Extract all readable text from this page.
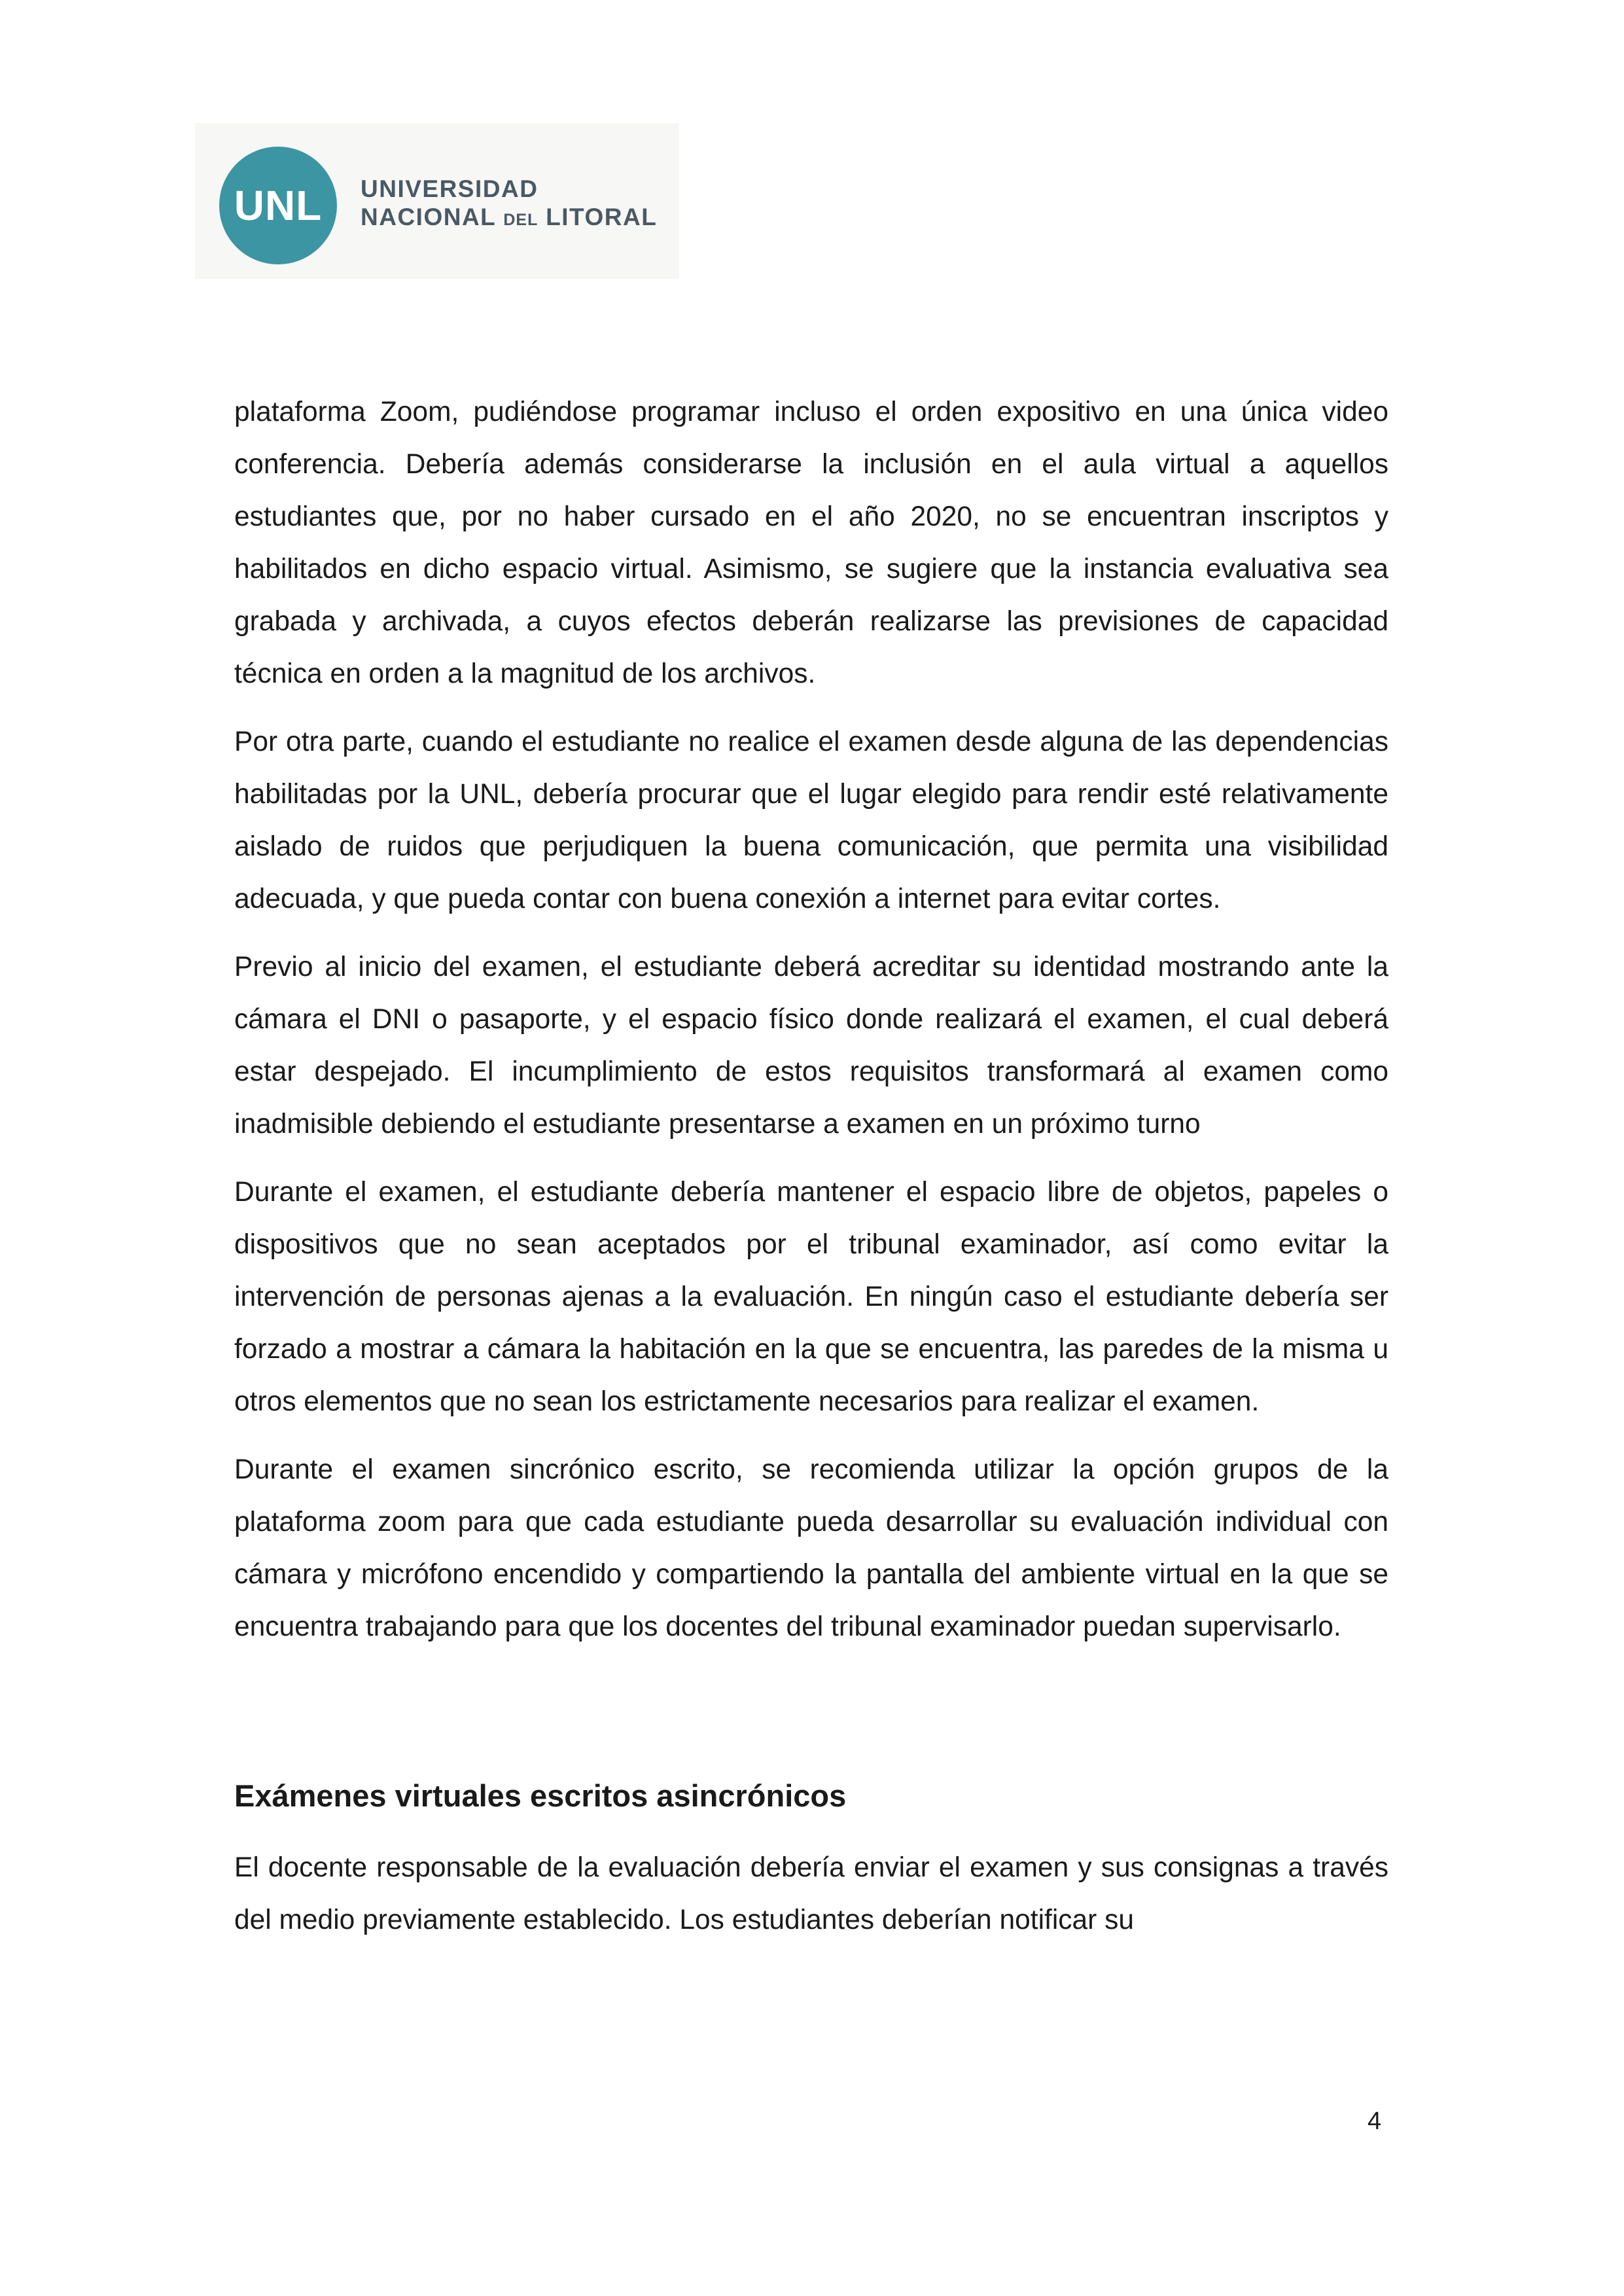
UNL	UNIVERSIDAD
NACIONAL DEL LITORAL

plataforma Zoom, pudiéndose programar incluso el orden expositivo en una única video conferencia. Debería además considerarse la inclusión en el aula virtual a aquellos estudiantes que, por no haber cursado en el año 2020, no se encuentran inscriptos y habilitados en dicho espacio virtual. Asimismo, se sugiere que la instancia evaluativa sea grabada y archivada, a cuyos efectos deberán realizarse las previsiones de capacidad técnica en orden a la magnitud de los archivos.

Por otra parte, cuando el estudiante no realice el examen desde alguna de las dependencias habilitadas por la UNL, debería procurar que el lugar elegido para rendir esté relativamente aislado de ruidos que perjudiquen la buena comunicación, que permita una visibilidad adecuada, y que pueda contar con buena conexión a internet para evitar cortes.

Previo al inicio del examen, el estudiante deberá acreditar su identidad mostrando ante la cámara el DNI o pasaporte, y el espacio físico donde realizará el examen, el cual deberá estar despejado. El incumplimiento de estos requisitos transformará al examen como inadmisible debiendo el estudiante presentarse a examen en un próximo turno

Durante el examen, el estudiante debería mantener el espacio libre de objetos, papeles o dispositivos que no sean aceptados por el tribunal examinador, así como evitar la intervención de personas ajenas a la evaluación. En ningún caso el estudiante debería ser forzado a mostrar a cámara la habitación en la que se encuentra, las paredes de la misma u otros elementos que no sean los estrictamente necesarios para realizar el examen.

Durante el examen sincrónico escrito, se recomienda utilizar la opción grupos de la plataforma zoom para que cada estudiante pueda desarrollar su evaluación individual con cámara y micrófono encendido y compartiendo la pantalla del ambiente virtual en la que se encuentra trabajando para que los docentes del tribunal examinador puedan supervisarlo.

Exámenes virtuales escritos asincrónicos

El docente responsable de la evaluación debería enviar el examen y sus consignas a través del medio previamente establecido. Los estudiantes deberían notificar su

4
